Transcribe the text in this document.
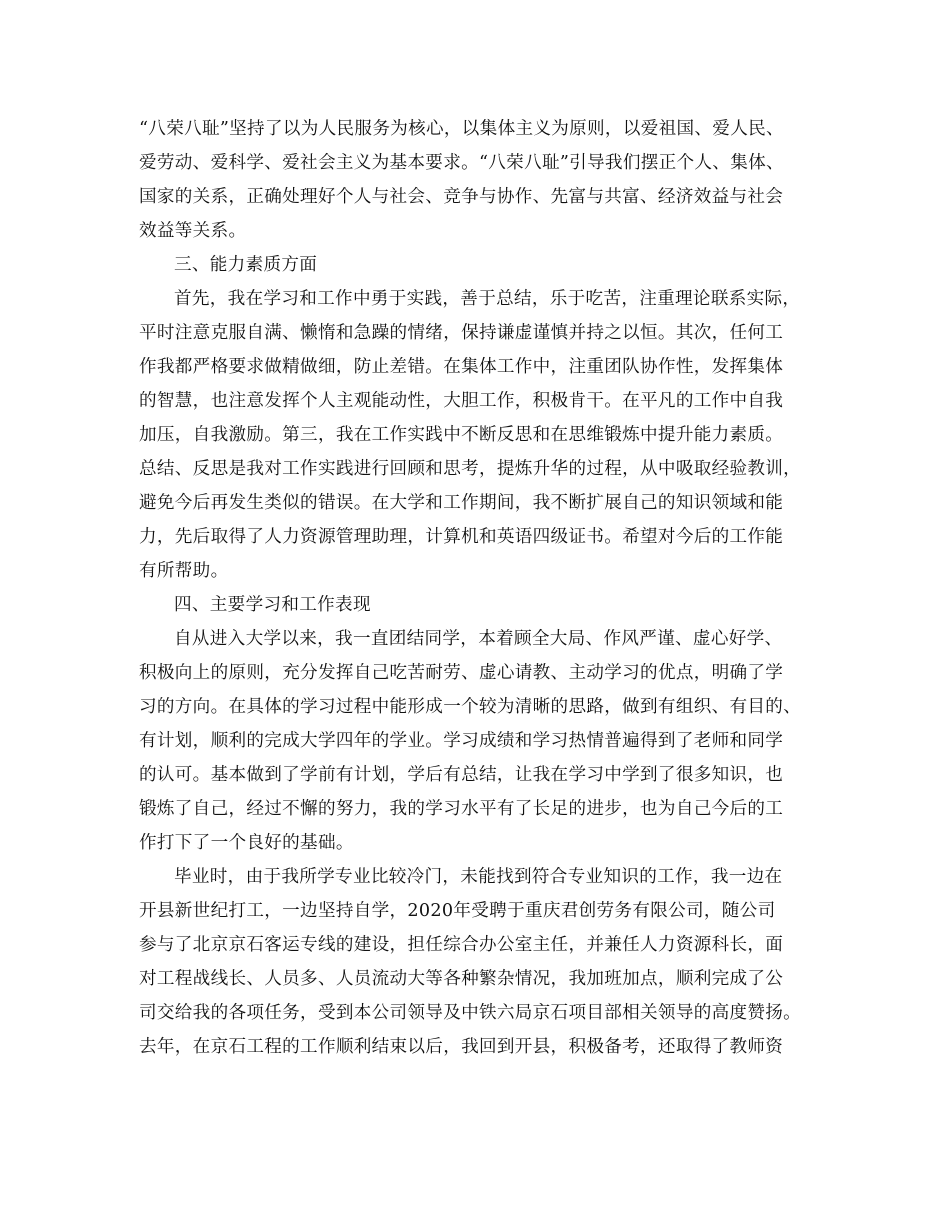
“八荣八耻”坚持了以为人民服务为核心，以集体主义为原则，以爱祖国、爱人民、
爱劳动、爱科学、爱社会主义为基本要求。“八荣八耻”引导我们摆正个人、集体、
国家的关系，正确处理好个人与社会、竞争与协作、先富与共富、经济效益与社会
效益等关系。
三、能力素质方面
首先，我在学习和工作中勇于实践，善于总结，乐于吃苦，注重理论联系实际，
平时注意克服自满、懒惰和急躁的情绪，保持谦虚谨慎并持之以恒。其次，任何工
作我都严格要求做精做细，防止差错。在集体工作中，注重团队协作性，发挥集体
的智慧，也注意发挥个人主观能动性，大胆工作，积极肯干。在平凡的工作中自我
加压，自我激励。第三，我在工作实践中不断反思和在思维锻炼中提升能力素质。
总结、反思是我对工作实践进行回顾和思考，提炼升华的过程，从中吸取经验教训，
避免今后再发生类似的错误。在大学和工作期间，我不断扩展自己的知识领域和能
力，先后取得了人力资源管理助理，计算机和英语四级证书。希望对今后的工作能
有所帮助。
四、主要学习和工作表现
自从进入大学以来，我一直团结同学，本着顾全大局、作风严谨、虚心好学、
积极向上的原则，充分发挥自己吃苦耐劳、虚心请教、主动学习的优点，明确了学
习的方向。在具体的学习过程中能形成一个较为清晰的思路，做到有组织、有目的、
有计划，顺利的完成大学四年的学业。学习成绩和学习热情普遍得到了老师和同学
的认可。基本做到了学前有计划，学后有总结，让我在学习中学到了很多知识，也
锻炼了自己，经过不懈的努力，我的学习水平有了长足的进步，也为自己今后的工
作打下了一个良好的基础。
毕业时，由于我所学专业比较冷门，未能找到符合专业知识的工作，我一边在
开县新世纪打工，一边坚持自学，2020年受聘于重庆君创劳务有限公司，随公司
参与了北京京石客运专线的建设，担任综合办公室主任，并兼任人力资源科长，面
对工程战线长、人员多、人员流动大等各种繁杂情况，我加班加点，顺利完成了公
司交给我的各项任务，受到本公司领导及中铁六局京石项目部相关领导的高度赞扬。
去年，在京石工程的工作顺利结束以后，我回到开县，积极备考，还取得了教师资
